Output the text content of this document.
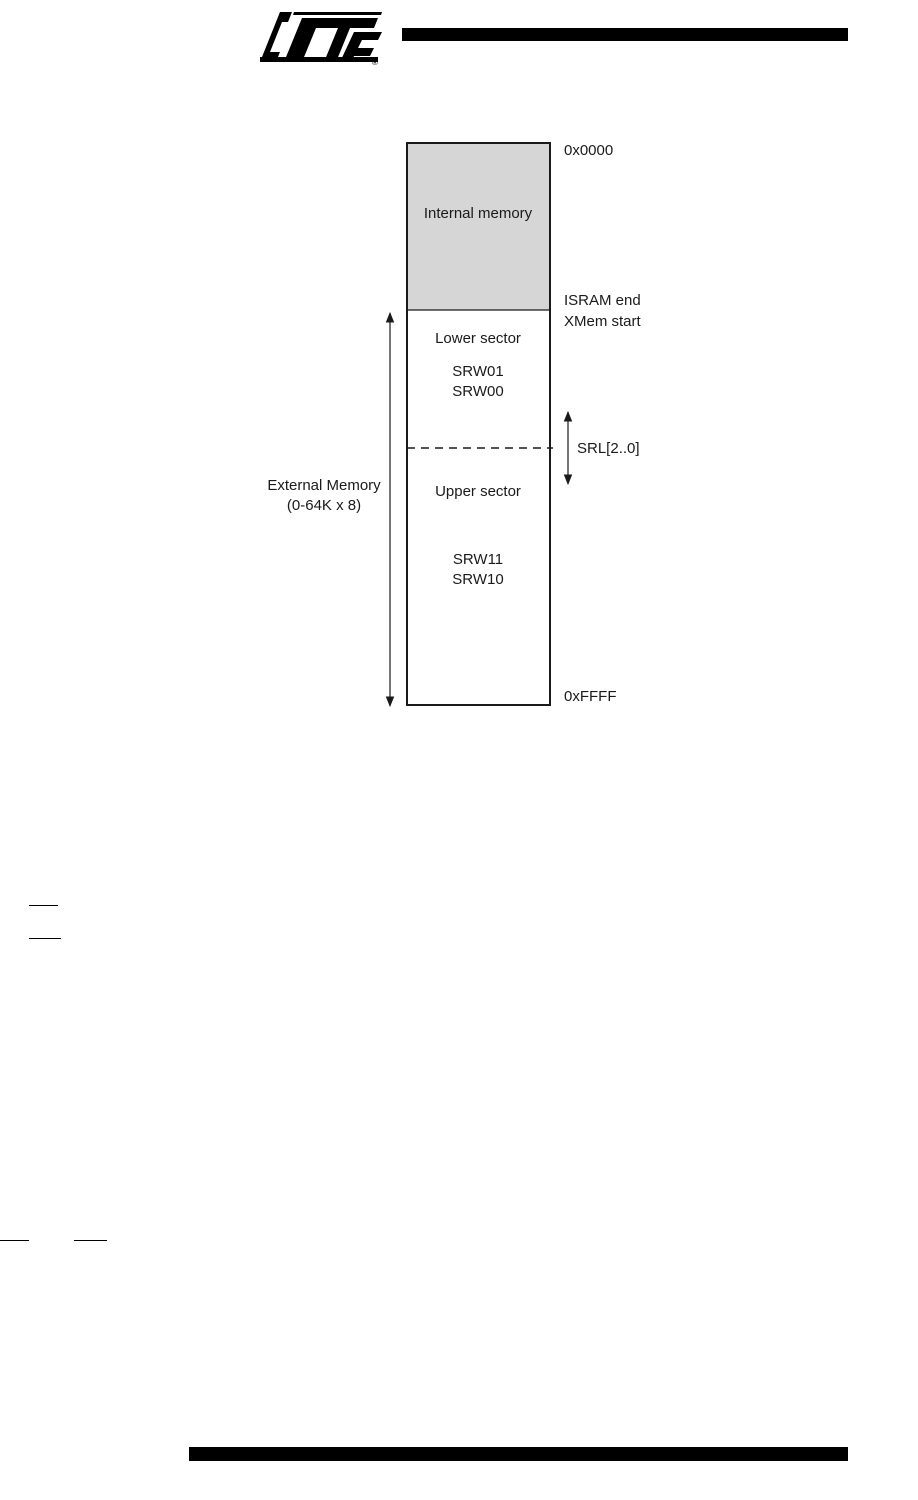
®
Internal memory
Lower sector
SRW01
SRW00
Upper sector
SRW11
SRW10
0x0000
ISRAM end
XMem start
0xFFFF
SRL[2..0]
External Memory
(0-64K x 8)
